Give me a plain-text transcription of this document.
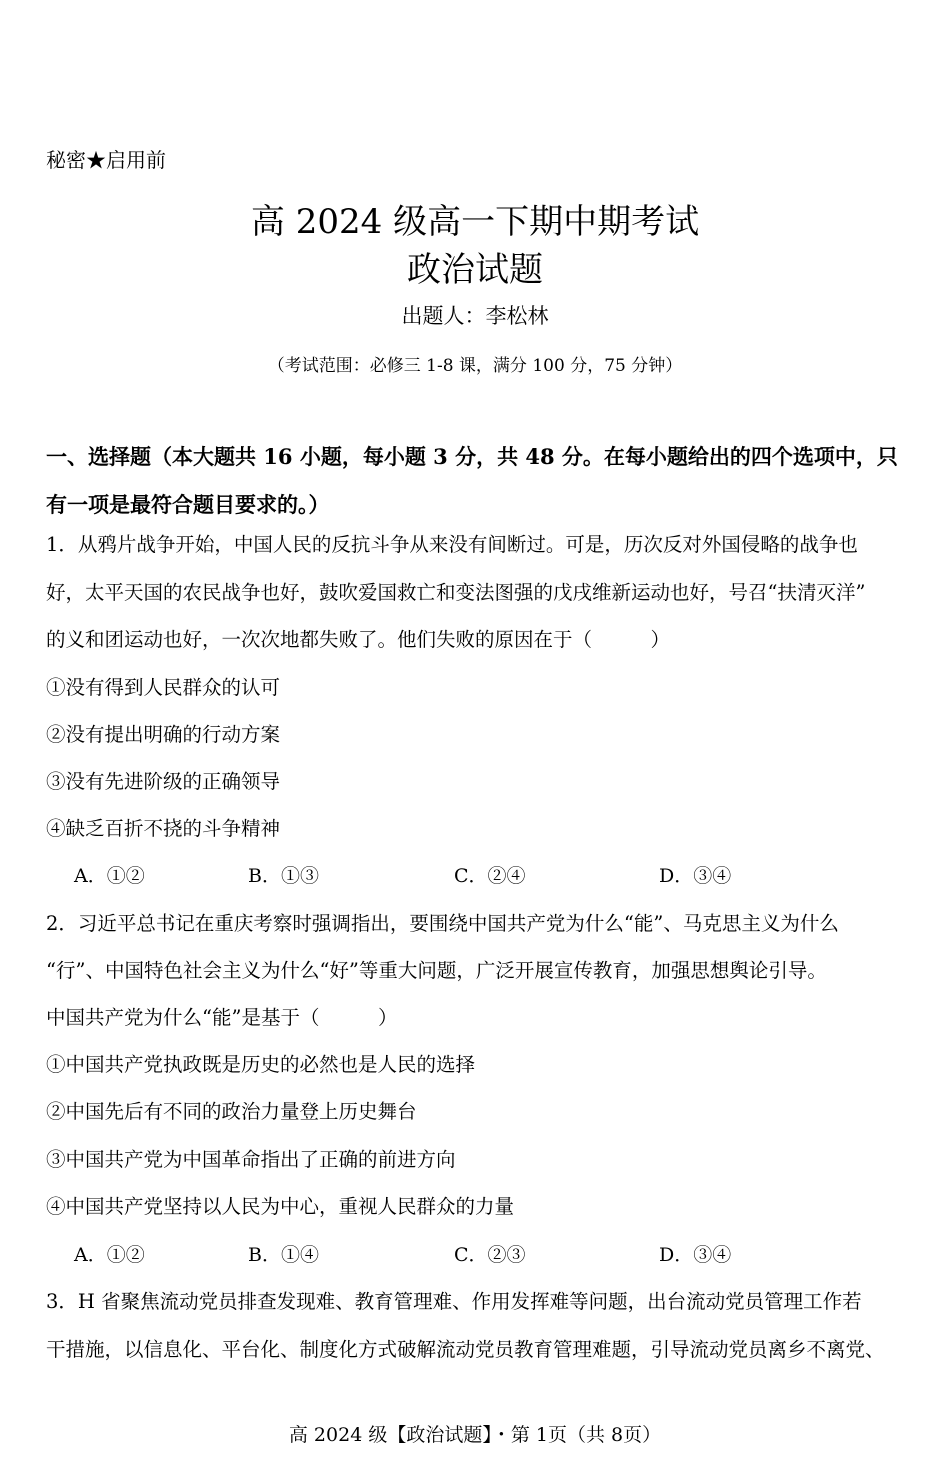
秘密★启用前
高 2024 级高一下期中期考试
政治试题
出题人：李松林
（考试范围：必修三 1-8 课，满分 100 分，75 分钟）
一、选择题（本大题共 16 小题，每小题 3 分，共 48 分。在每小题给出的四个选项中，只有一项是最符合题目要求的。）
1．从鸦片战争开始，中国人民的反抗斗争从来没有间断过。可是，历次反对外国侵略的战争也
好，太平天国的农民战争也好，鼓吹爱国救亡和变法图强的戊戌维新运动也好，号召“扶清灭洋”
的义和团运动也好，一次次地都失败了。他们失败的原因在于（　　　）
①没有得到人民群众的认可
②没有提出明确的行动方案
③没有先进阶级的正确领导
④缺乏百折不挠的斗争精神
A．①②	B．①③	C．②④	D．③④
2．习近平总书记在重庆考察时强调指出，要围绕中国共产党为什么“能”、马克思主义为什么
“行”、中国特色社会主义为什么“好”等重大问题，广泛开展宣传教育，加强思想舆论引导。
中国共产党为什么“能”是基于（　　　）
①中国共产党执政既是历史的必然也是人民的选择
②中国先后有不同的政治力量登上历史舞台
③中国共产党为中国革命指出了正确的前进方向
④中国共产党坚持以人民为中心，重视人民群众的力量
A．①②	B．①④	C．②③	D．③④
3．H 省聚焦流动党员排查发现难、教育管理难、作用发挥难等问题，出台流动党员管理工作若
干措施，以信息化、平台化、制度化方式破解流动党员教育管理难题，引导流动党员离乡不离党、
高 2024 级【政治试题】・第 1页（共 8页）
